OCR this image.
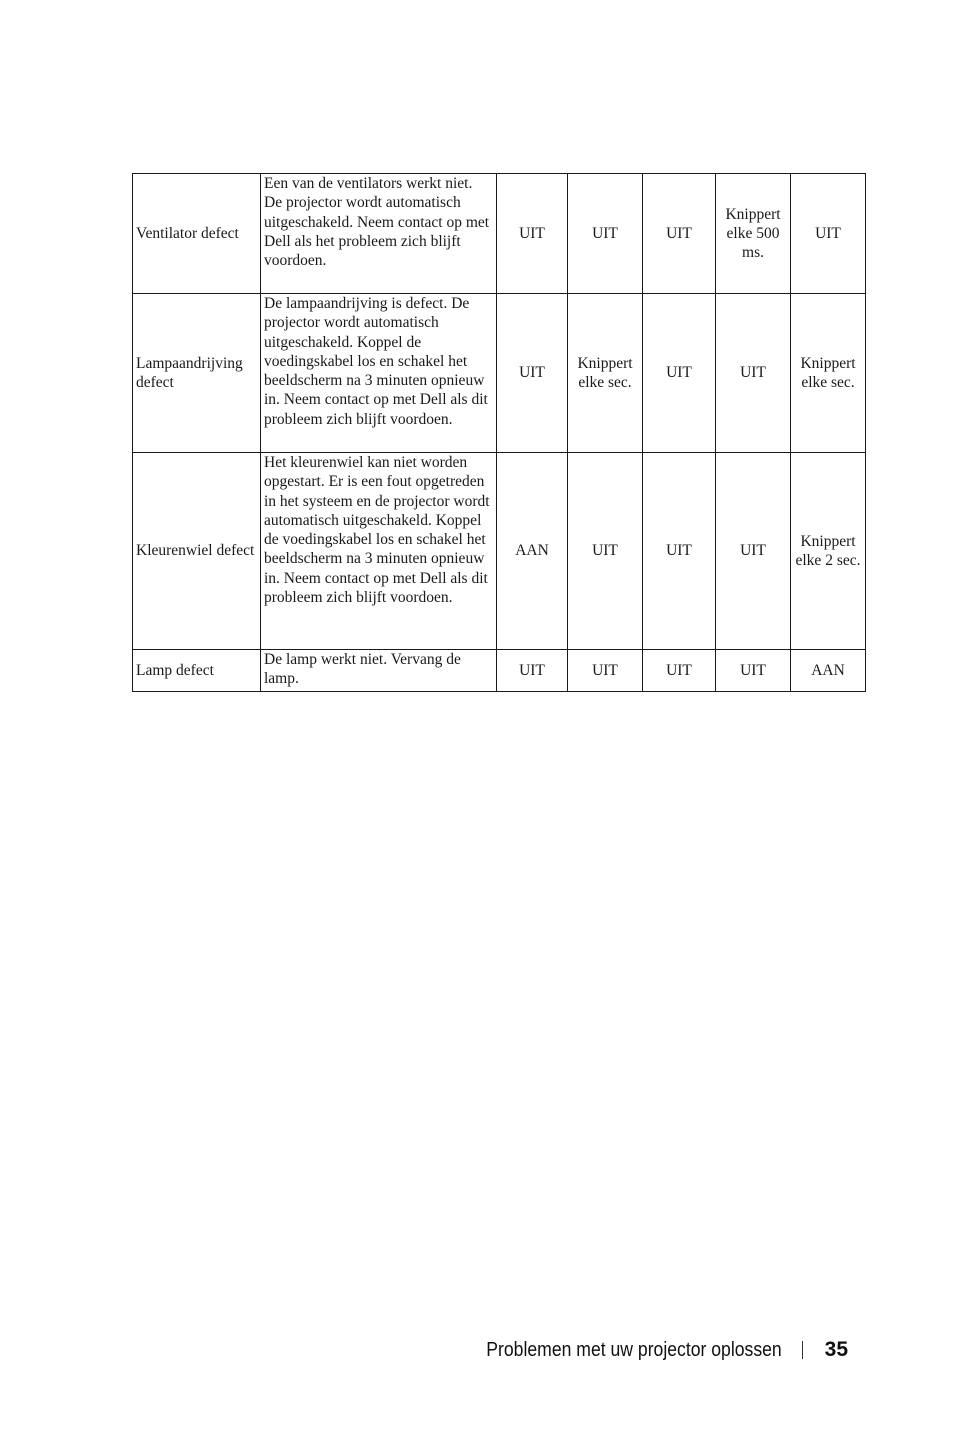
Ventilator defect	Een van de ventilators werkt niet. De projector wordt automatisch uitgeschakeld. Neem contact op met Dell als het probleem zich blijft voordoen.	UIT	UIT	UIT	Knippert elke 500 ms.	UIT
Lampaandrijving defect	De lampaandrijving is defect. De projector wordt automatisch uitgeschakeld. Koppel de voedingskabel los en schakel het beeldscherm na 3 minuten opnieuw in. Neem contact op met Dell als dit probleem zich blijft voordoen.	UIT	Knippert elke sec.	UIT	UIT	Knippert elke sec.
Kleurenwiel defect	Het kleurenwiel kan niet worden opgestart. Er is een fout opgetreden in het systeem en de projector wordt automatisch uitgeschakeld. Koppel de voedingskabel los en schakel het beeldscherm na 3 minuten opnieuw in. Neem contact op met Dell als dit probleem zich blijft voordoen.	AAN	UIT	UIT	UIT	Knippert elke 2 sec.
Lamp defect	De lamp werkt niet. Vervang de lamp.	UIT	UIT	UIT	UIT	AAN
Problemen met uw projector oplossen 35
